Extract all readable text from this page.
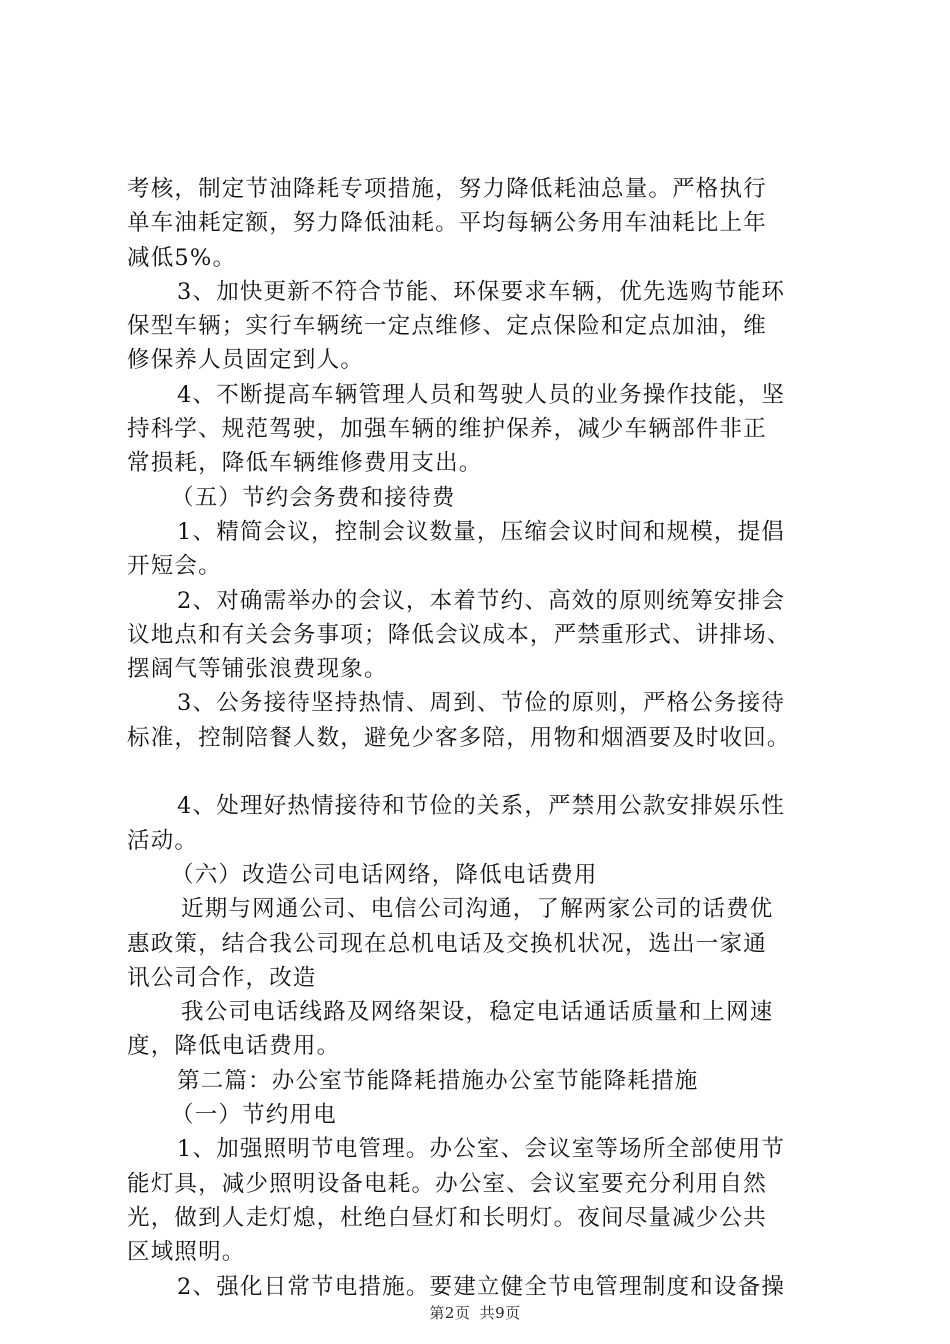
考核，制定节油降耗专项措施，努力降低耗油总量。严格执行
单车油耗定额，努力降低油耗。平均每辆公务用车油耗比上年
减低5%。
3、加快更新不符合节能、环保要求车辆，优先选购节能环
保型车辆；实行车辆统一定点维修、定点保险和定点加油，维
修保养人员固定到人。
4、不断提高车辆管理人员和驾驶人员的业务操作技能，坚
持科学、规范驾驶，加强车辆的维护保养，减少车辆部件非正
常损耗，降低车辆维修费用支出。
（五）节约会务费和接待费
1、精简会议，控制会议数量，压缩会议时间和规模，提倡
开短会。
2、对确需举办的会议，本着节约、高效的原则统筹安排会
议地点和有关会务事项；降低会议成本，严禁重形式、讲排场、
摆阔气等铺张浪费现象。
3、公务接待坚持热情、周到、节俭的原则，严格公务接待
标准，控制陪餐人数，避免少客多陪，用物和烟酒要及时收回。
4、处理好热情接待和节俭的关系，严禁用公款安排娱乐性
活动。
（六）改造公司电话网络，降低电话费用
近期与网通公司、电信公司沟通，了解两家公司的话费优
惠政策，结合我公司现在总机电话及交换机状况，选出一家通
讯公司合作，改造
我公司电话线路及网络架设，稳定电话通话质量和上网速
度，降低电话费用。
第二篇：办公室节能降耗措施办公室节能降耗措施
（一）节约用电
1、加强照明节电管理。办公室、会议室等场所全部使用节
能灯具，减少照明设备电耗。办公室、会议室要充分利用自然
光，做到人走灯熄，杜绝白昼灯和长明灯。夜间尽量减少公共
区域照明。
2、强化日常节电措施。要建立健全节电管理制度和设备操
第2页 共9页
